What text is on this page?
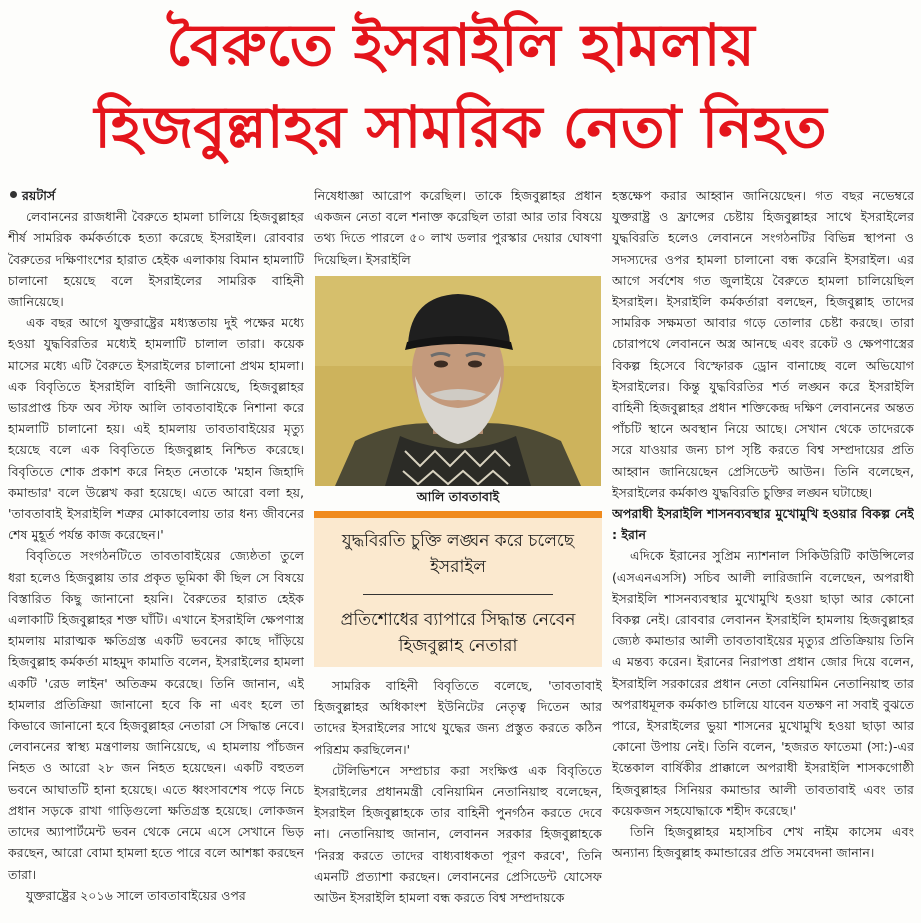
বৈরুতে ইসরাইলি হামলায়
হিজবুল্লাহর সামরিক নেতা নিহত

রয়টার্স

লেবাননের রাজধানী বৈরুতে হামলা চালিয়ে হিজবুল্লাহর শীর্ষ সামরিক কর্মকর্তাকে হত্যা করেছে ইসরাইল। রোববার বৈরুতের দক্ষিণাংশের হারাত হেইক এলাকায় বিমান হামলাটি চালানো হয়েছে বলে ইসরাইলের সামরিক বাহিনী জানিয়েছে।

এক বছর আগে যুক্তরাষ্ট্রের মধ্যস্ততায় দুই পক্ষের মধ্যে হওয়া যুদ্ধবিরতির মধ্যেই হামলাটি চালাল তারা। কয়েক মাসের মধ্যে এটি বৈরুতে ইসরাইলের চালানো প্রথম হামলা। এক বিবৃতিতে ইসরাইলি বাহিনী জানিয়েছে, হিজবুল্লাহর ভারপ্রাপ্ত চিফ অব স্টাফ আলি তাবতাবাইকে নিশানা করে হামলাটি চালানো হয়। এই হামলায় তাবতাবাইয়ের মৃত্যু হয়েছে বলে এক বিবৃতিতে হিজবুল্লাহ নিশ্চিত করেছে। বিবৃতিতে শোক প্রকাশ করে নিহত নেতাকে 'মহান জিহাদি কমান্ডার' বলে উল্লেখ করা হয়েছে। এতে আরো বলা হয়, 'তাবতাবাই ইসরাইলি শত্রুর মোকাবেলায় তার ধন্য জীবনের শেষ মুহূর্ত পর্যন্ত কাজ করেছেন।'

বিবৃতিতে সংগঠনটিতে তাবতাবাইয়ের জ্যেষ্ঠতা তুলে ধরা হলেও হিজবুল্লায় তার প্রকৃত ভূমিকা কী ছিল সে বিষয়ে বিস্তারিত কিছু জানানো হয়নি। বৈরুতের হারাত হেইক এলাকাটি হিজবুল্লাহর শক্ত ঘাঁটি। এখানে ইসরাইলি ক্ষেপণাস্ত্র হামলায় মারাত্মক ক্ষতিগ্রস্ত একটি ভবনের কাছে দাঁড়িয়ে হিজবুল্লাহ কর্মকর্তা মাহমুদ কামাতি বলেন, ইসরাইলের হামলা একটি 'রেড লাইন' অতিক্রম করেছে। তিনি জানান, এই হামলার প্রতিক্রিয়া জানানো হবে কি না এবং হলে তা কিভাবে জানানো হবে হিজবুল্লাহর নেতারা সে সিদ্ধান্ত নেবে। লেবাননের স্বাস্থ্য মন্ত্রণালয় জানিয়েছে, এ হামলায় পাঁচজন নিহত ও আরো ২৮ জন নিহত হয়েছেন। একটি বহুতল ভবনে আঘাতটি হানা হয়েছে। এতে ধ্বংসাবশেষ পড়ে নিচে প্রধান সড়কে রাখা গাড়িগুলো ক্ষতিগ্রস্ত হয়েছে। লোকজন তাদের অ্যাপার্টমেন্ট ভবন থেকে নেমে এসে সেখানে ভিড় করছেন, আরো বোমা হামলা হতে পারে বলে আশঙ্কা করছেন তারা।

যুক্তরাষ্ট্রের ২০১৬ সালে তাবতাবাইয়ের ওপর

নিষেধাজ্ঞা আরোপ করেছিল। তাকে হিজবুল্লাহর প্রধান একজন নেতা বলে শনাক্ত করেছিল তারা আর তার বিষয়ে তথ্য দিতে পারলে ৫০ লাখ ডলার পুরস্কার দেয়ার ঘোষণা দিয়েছিল। ইসরাইলি

আলি তাবতাবাই

যুদ্ধবিরতি চুক্তি লঙ্ঘন করে চলেছে ইসরাইল

প্রতিশোধের ব্যাপারে সিদ্ধান্ত নেবেন হিজবুল্লাহ নেতারা

সামরিক বাহিনী বিবৃতিতে বলেছে, 'তাবতাবাই হিজবুল্লাহর অধিকাংশ ইউনিটের নেতৃত্ব দিতেন আর তাদের ইসরাইলের সাথে যুদ্ধের জন্য প্রস্তুত করতে কঠিন পরিশ্রম করছিলেন।'

টেলিভিশনে সম্প্রচার করা সংক্ষিপ্ত এক বিবৃতিতে ইসরাইলের প্রধানমন্ত্রী বেনিয়ামিন নেতানিয়াহু বলেছেন, ইসরাইল হিজবুল্লাহকে তার বাহিনী পুনর্গঠন করতে দেবে না। নেতানিয়াহু জানান, লেবানন সরকার হিজবুল্লাহকে 'নিরস্ত্র করতে তাদের বাধ্যবাধকতা পূরণ করবে', তিনি এমনটি প্রত্যাশা করছেন। লেবাননের প্রেসিডেন্ট যোসেফ আউন ইসরাইলি হামলা বন্ধ করতে বিশ্ব সম্প্রদায়কে

হস্তক্ষেপ করার আহ্বান জানিয়েছেন। গত বছর নভেম্বরে যুক্তরাষ্ট্র ও ফ্রান্সের চেষ্টায় হিজবুল্লাহর সাথে ইসরাইলের যুদ্ধবিরতি হলেও লেবাননে সংগঠনটির বিভিন্ন স্থাপনা ও সদস্যদের ওপর হামলা চালানো বন্ধ করেনি ইসরাইল। এর আগে সর্বশেষ গত জুলাইয়ে বৈরুতে হামলা চালিয়েছিল ইসরাইল। ইসরাইলি কর্মকর্তারা বলছেন, হিজবুল্লাহ তাদের সামরিক সক্ষমতা আবার গড়ে তোলার চেষ্টা করছে। তারা চোরাপথে লেবাননে অস্ত্র আনছে এবং রকেট ও ক্ষেপণাস্ত্রের বিকল্প হিসেবে বিস্ফোরক ড্রোন বানাচ্ছে বলে অভিযোগ ইসরাইলের। কিন্তু যুদ্ধবিরতির শর্ত লঙ্ঘন করে ইসরাইলি বাহিনী হিজবুল্লাহর প্রধান শক্তিকেন্দ্র দক্ষিণ লেবাননের অন্তত পাঁচটি স্থানে অবস্থান নিয়ে আছে। সেখান থেকে তাদেরকে সরে যাওয়ার জন্য চাপ সৃষ্টি করতে বিশ্ব সম্প্রদায়ের প্রতি আহ্বান জানিয়েছেন প্রেসিডেন্ট আউন। তিনি বলেছেন, ইসরাইলের কর্মকাণ্ড যুদ্ধবিরতি চুক্তির লঙ্ঘন ঘটাচ্ছে।

অপরাধী ইসরাইলি শাসনব্যবস্থার মুখোমুখি হওয়ার বিকল্প নেই : ইরান

এদিকে ইরানের সুপ্রিম ন্যাশনাল সিকিউরিটি কাউন্সিলের (এসএনএসসি) সচিব আলী লারিজানি বলেছেন, অপরাধী ইসরাইলি শাসনব্যবস্থার মুখোমুখি হওয়া ছাড়া আর কোনো বিকল্প নেই। রোববার লেবানন ইসরাইলি হামলায় হিজবুল্লাহর জ্যেষ্ঠ কমান্ডার আলী তাবতাবাইয়ের মৃত্যুর প্রতিক্রিয়ায় তিনি এ মন্তব্য করেন। ইরানের নিরাপত্তা প্রধান জোর দিয়ে বলেন, ইসরাইলি সরকারের প্রধান নেতা বেনিয়ামিন নেতানিয়াহু তার অপরাধমূলক কর্মকাণ্ড চালিয়ে যাবেন যতক্ষণ না সবাই বুঝতে পারে, ইসরাইলের ভুয়া শাসনের মুখোমুখি হওয়া ছাড়া আর কোনো উপায় নেই। তিনি বলেন, 'হজরত ফাতেমা (সা:)-এর ইন্তেকাল বার্ষিকীর প্রাক্কালে অপরাধী ইসরাইলি শাসকগোষ্ঠী হিজবুল্লাহর সিনিয়র কমান্ডার আলী তাবতাবাই এবং তার কয়েকজন সহযোদ্ধাকে শহীদ করেছে।'

তিনি হিজবুল্লাহর মহাসচিব শেখ নাইম কাসেম এবং অন্যান্য হিজবুল্লাহ কমান্ডারের প্রতি সমবেদনা জানান।
